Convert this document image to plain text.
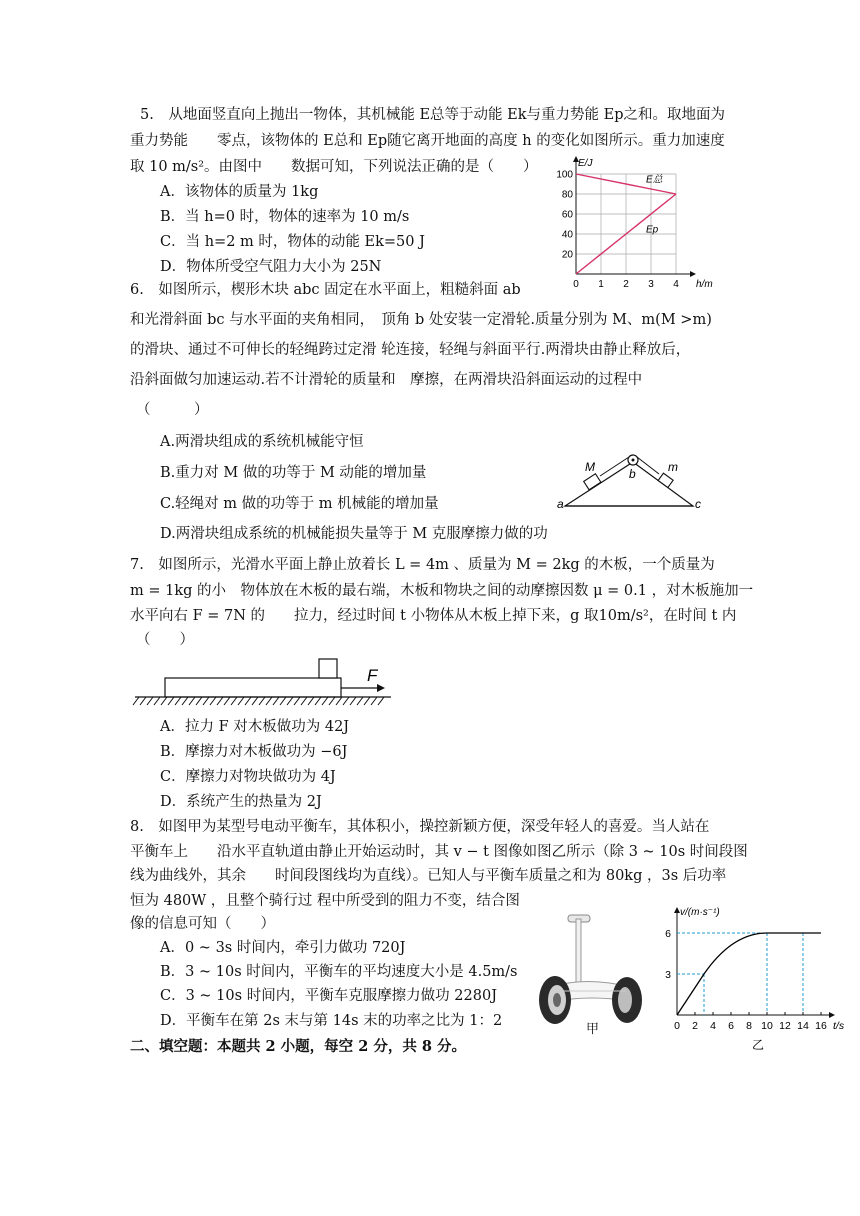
5.　从地面竖直向上抛出一物体，其机械能 E总等于动能 Ek与重力势能 Ep之和。取地面为
重力势能　　零点，该物体的 E总和 Ep随它离开地面的高度 h 的变化如图所示。重力加速度
取 10 m/s²。由图中　　数据可知，下列说法正确的是（　　）
A．该物体的质量为 1kg
B．当 h=0 时，物体的速率为 10 m/s
C．当 h=2 m 时，物体的动能 Ek=50 J
D．物体所受空气阻力大小为 25N
0 1 2 3 4
20
40
60
80
100
E/J
h/m
E总
Ep
6.　如图所示，楔形木块 abc 固定在水平面上，粗糙斜面 ab
和光滑斜面 bc 与水平面的夹角相同，　顶角 b 处安装一定滑轮.质量分别为 M、m(M >m)
的滑块、通过不可伸长的轻绳跨过定滑 轮连接，轻绳与斜面平行.两滑块由静止释放后，
沿斜面做匀加速运动.若不计滑轮的质量和　摩擦，在两滑块沿斜面运动的过程中
（　　　）
A.两滑块组成的系统机械能守恒
B.重力对 M 做的功等于 M 动能的增加量
C.轻绳对 m 做的功等于 m 机械能的增加量
D.两滑块组成系统的机械能损失量等于 M 克服摩擦力做的功
M	m
a
b
c
7.　如图所示，光滑水平面上静止放着长 L = 4m 、质量为 M = 2kg 的木板，一个质量为
m = 1kg 的小　物体放在木板的最右端，木板和物块之间的动摩擦因数 μ = 0.1 ，对木板施加一
水平向右 F = 7N 的　　拉力，经过时间 t 小物体从木板上掉下来，g 取10m/s²，在时间 t 内
（　　）
F
A．拉力 F 对木板做功为 42J
B．摩擦力对木板做功为 −6J
C．摩擦力对物块做功为 4J
D．系统产生的热量为 2J
8.　如图甲为某型号电动平衡车，其体积小，操控新颖方便，深受年轻人的喜爱。当人站在
平衡车上　　沿水平直轨道由静止开始运动时，其 v − t 图像如图乙所示（除 3 ~ 10s 时间段图
线为曲线外，其余　　时间段图线均为直线）。已知人与平衡车质量之和为 80kg ，3s 后功率
恒为 480W ，且整个骑行过 程中所受到的阻力不变，结合图
像的信息可知（　　）
A．0 ~ 3s 时间内，牵引力做功 720J
B．3 ~ 10s 时间内，平衡车的平均速度大小是 4.5m/s
C．3 ~ 10s 时间内，平衡车克服摩擦力做功 2280J
D．平衡车在第 2s 末与第 14s 末的功率之比为 1：2
甲	0 2 4 6 8 10 12 14 16
3
6
v/(m·s⁻¹)
t/s
乙
二、填空题：本题共 2 小题，每空 2 分，共 8 分。
